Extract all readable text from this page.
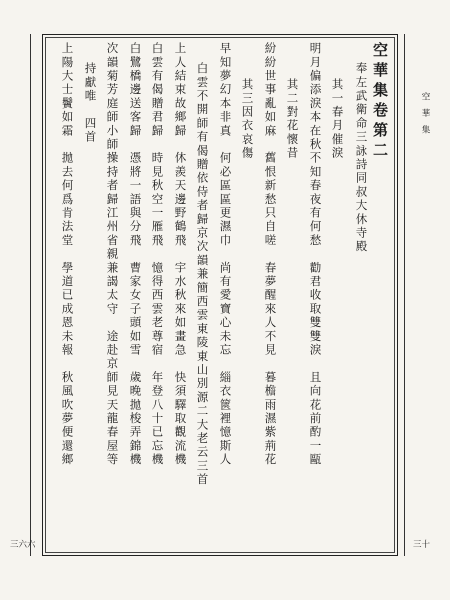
空華集
三十
三六六
空華集卷第二
奉左武衛命三詠詩同叔大休寺殿
其一春月催淚
明月偏添淚本在秋不知春夜有何愁　勸君收取雙雙淚　且向花前酌一甌
其二對花懷昔
紛紛世事亂如麻　舊恨新愁只自嗟　春夢醒來人不見　暮檐雨濕紫荊花
其三因衣哀傷
早知夢幻本非真　何必區區更濕巾　尚有愛寶心未忘　緇衣篋裡憶斯人
白雲不開師有偈贈依侍者歸京次韻兼簡西雲東陵東山別源二大老云三首
上人結束故鄉歸　休羨天邊野鶴飛　宇水秋來如畫急　快須驛取觀流機
白雲有偈贈君歸　時見秋空一雁飛　憶得西雲老尊宿　年登八十已忘機
白鷺橋邊送客歸　憑將一語與分飛　曹家女子頭如雪　歲晚拋梭弄錦機
次韻菊芳庭師小師操持者歸江州省親兼謁太守　途赴京師見天龍春屋等
持獻唯　四首
上陽大士鬢如霜　拋去何爲肯法堂　學道已成恩未報　秋風吹夢便還鄉
